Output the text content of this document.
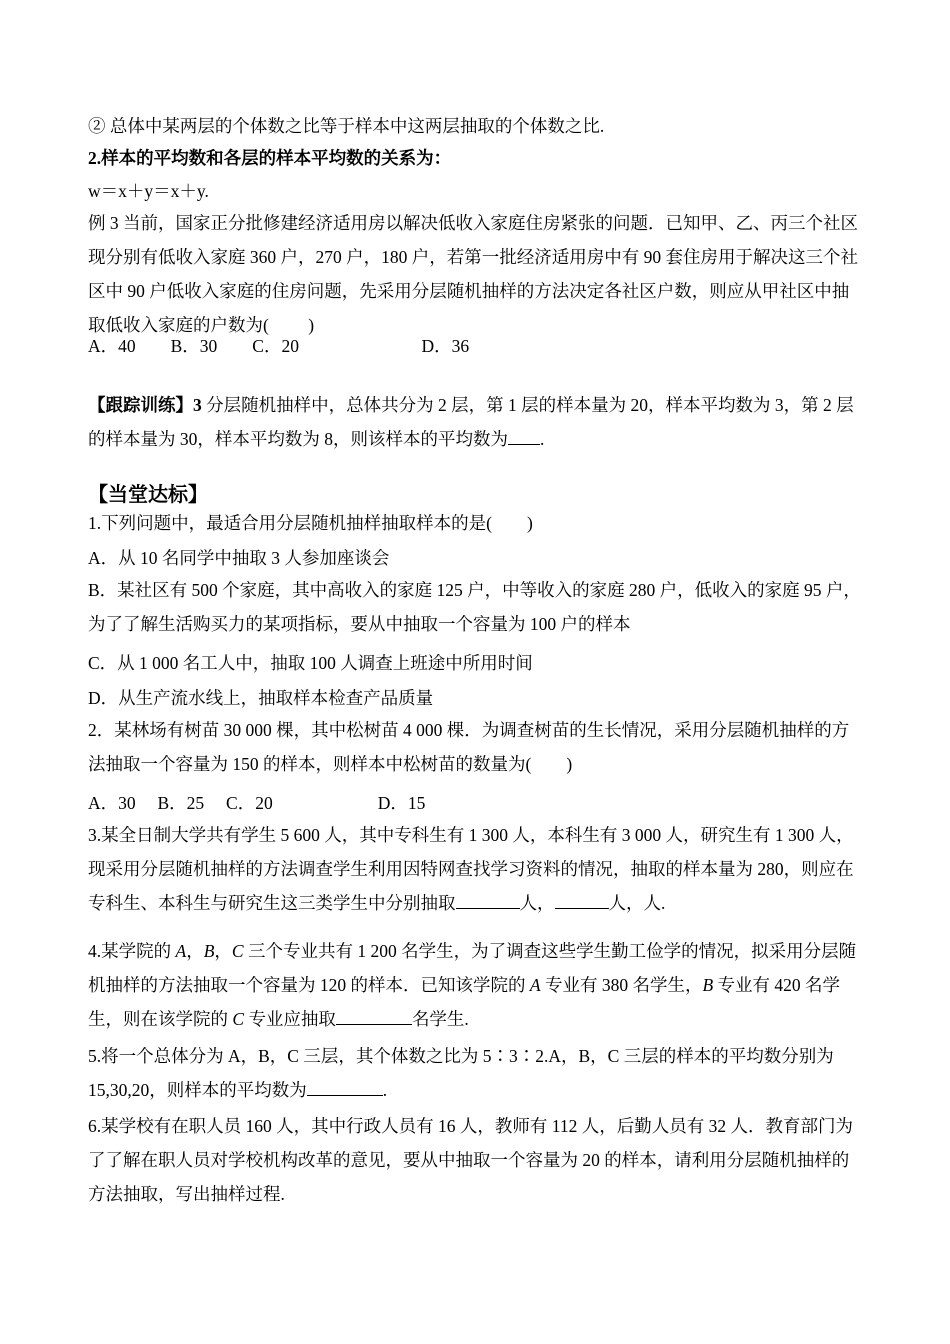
② 总体中某两层的个体数之比等于样本中这两层抽取的个体数之比.
2.样本的平均数和各层的样本平均数的关系为：
w＝x＋y＝x＋y.
例 3 当前，国家正分批修建经济适用房以解决低收入家庭住房紧张的问题．已知甲、乙、丙三个社区现分别有低收入家庭 360 户，270 户，180 户，若第一批经济适用房中有 90 套住房用于解决这三个社区中 90 户低收入家庭的住房问题，先采用分层随机抽样的方法决定各社区户数，则应从甲社区中抽取低收入家庭的户数为(　　 )
A．40　　B．30　　C．20　　　　　　　D．36
【跟踪训练】3 分层随机抽样中，总体共分为 2 层，第 1 层的样本量为 20，样本平均数为 3，第 2 层的样本量为 30，样本平均数为 8，则该样本的平均数为 .
【当堂达标】
1.下列问题中，最适合用分层随机抽样抽取样本的是(　　)
A．从 10 名同学中抽取 3 人参加座谈会
B．某社区有 500 个家庭，其中高收入的家庭 125 户，中等收入的家庭 280 户，低收入的家庭 95 户，为了了解生活购买力的某项指标，要从中抽取一个容量为 100 户的样本
C．从 1 000 名工人中，抽取 100 人调查上班途中所用时间
D．从生产流水线上，抽取样本检查产品质量
2．某林场有树苗 30 000 棵，其中松树苗 4 000 棵．为调查树苗的生长情况，采用分层随机抽样的方法抽取一个容量为 150 的样本，则样本中松树苗的数量为(　　)
A．30　 B．25　 C．20　　　　　　D．15
3.某全日制大学共有学生 5 600 人，其中专科生有 1 300 人，本科生有 3 000 人，研究生有 1 300 人，现采用分层随机抽样的方法调查学生利用因特网查找学习资料的情况，抽取的样本量为 280，则应在专科生、本科生与研究生这三类学生中分别抽取	人，	人，人.
4.某学院的 A，B，C 三个专业共有 1 200 名学生，为了调查这些学生勤工俭学的情况，拟采用分层随机抽样的方法抽取一个容量为 120 的样本．已知该学院的 A 专业有 380 名学生，B 专业有 420 名学生，则在该学院的 C 专业应抽取	名学生.
5.将一个总体分为 A，B，C 三层，其个体数之比为 5∶3∶2.A，B，C 三层的样本的平均数分别为 15,30,20，则样本的平均数为	.
6.某学校有在职人员 160 人，其中行政人员有 16 人，教师有 112 人，后勤人员有 32 人．教育部门为了了解在职人员对学校机构改革的意见，要从中抽取一个容量为 20 的样本，请利用分层随机抽样的方法抽取，写出抽样过程.
